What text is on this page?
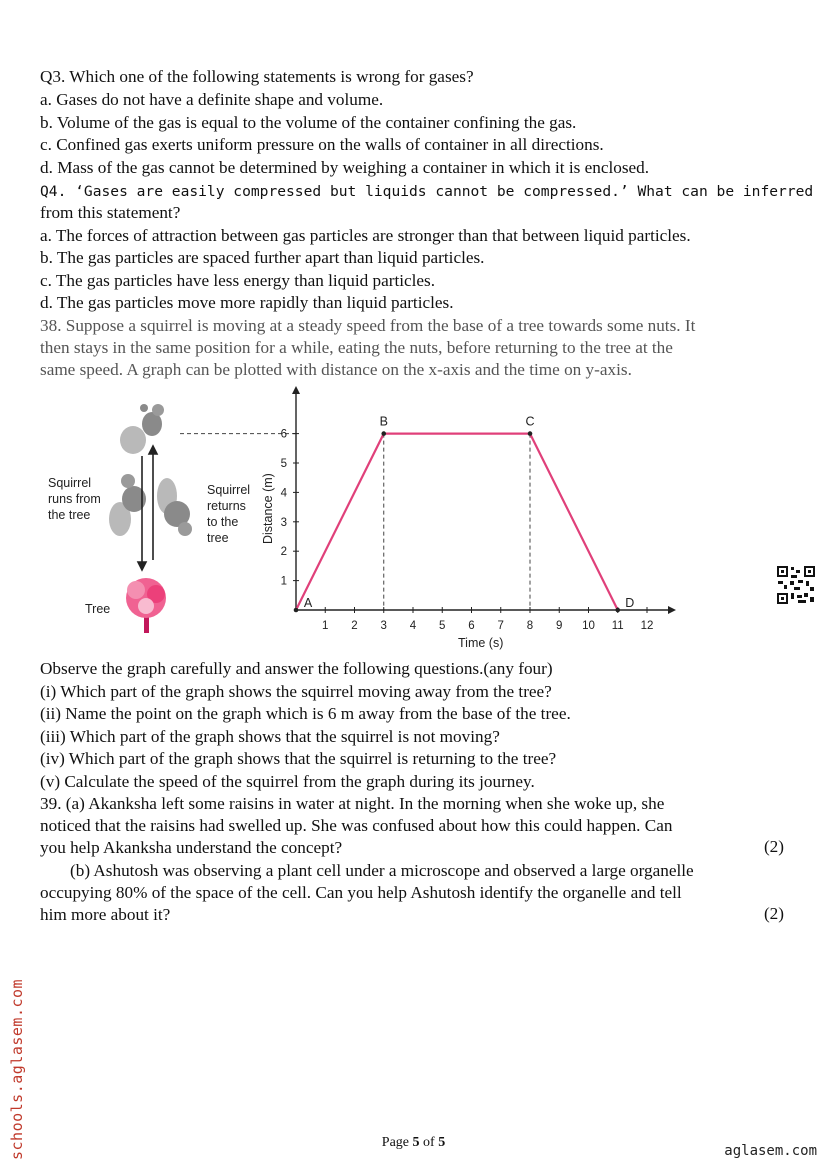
Q3. Which one of the following statements is wrong for gases?
a. Gases do not have a definite shape and volume.
b. Volume of the gas is equal to the volume of the container confining the gas.
c. Confined gas exerts uniform pressure on the walls of container in all directions.
d. Mass of the gas cannot be determined by weighing a container in which it is enclosed.
Q4. ‘Gases are easily compressed but liquids cannot be compressed.’ What can be inferred
from this statement?
a. The forces of attraction between gas particles are stronger than that between liquid particles.
b. The gas particles are spaced further apart than liquid particles.
c. The gas particles have less energy than liquid particles.
d. The gas particles move more rapidly than liquid particles.
38. Suppose a squirrel is moving at a steady speed from the base of a tree towards some nuts. It
then stays in the same position for a while, eating the nuts, before returning to the tree at the
same speed. A graph can be plotted with distance on the x-axis and the time on y-axis.
Squirrel
runs from
the tree
Squirrel
returns
to the
tree
Tree
1 2 3 4 5 6 7 8 9 10 11 12
1
2
3
4
5
6
A
B	C
D
Time (s)
Distance (m)
Observe the graph carefully and answer the following questions.(any four)
(i) Which part of the graph shows the squirrel moving away from the tree?
(ii) Name the point on the graph which is 6 m away from the base of the tree.
(iii) Which part of the graph shows that the squirrel is not moving?
(iv) Which part of the graph shows that the squirrel is returning to the tree?
(v) Calculate the speed of the squirrel from the graph during its journey.
39. (a) Akanksha left some raisins in water at night. In the morning when she woke up, she
noticed that the raisins had swelled up. She was confused about how this could happen. Can
you help Akanksha understand the concept?	(2)
(b) Ashutosh was observing a plant cell under a microscope and observed a large organelle
occupying 80% of the space of the cell. Can you help Ashutosh identify the organelle and tell
him more about it?	(2)
schools.aglasem.com	Page 5 of 5
aglasem.com
